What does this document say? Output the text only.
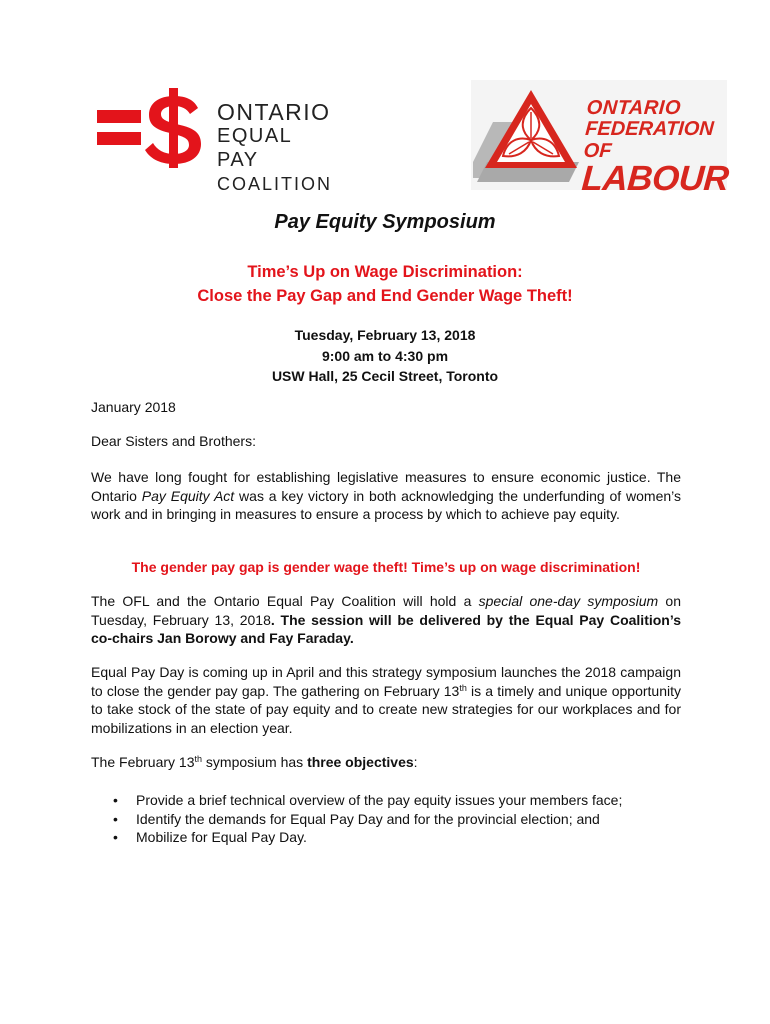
ONTARIO
EQUAL PAY
COALITION
ONTARIO
FEDERATION OF
LABOUR
Pay Equity Symposium
Time’s Up on Wage Discrimination:
Close the Pay Gap and End Gender Wage Theft!
Tuesday, February 13, 2018
9:00 am to 4:30 pm
USW Hall, 25 Cecil Street, Toronto
January 2018
Dear Sisters and Brothers:
We have long fought for establishing legislative measures to ensure economic justice. The Ontario Pay Equity Act was a key victory in both acknowledging the underfunding of women’s work and in bringing in measures to ensure a process by which to achieve pay equity.
The gender pay gap is gender wage theft! Time’s up on wage discrimination!
The OFL and the Ontario Equal Pay Coalition will hold a special one-day symposium on Tuesday, February 13, 2018. The session will be delivered by the Equal Pay Coalition’s co-chairs Jan Borowy and Fay Faraday.
Equal Pay Day is coming up in April and this strategy symposium launches the 2018 campaign to close the gender pay gap. The gathering on February 13th is a timely and unique opportunity to take stock of the state of pay equity and to create new strategies for our workplaces and for mobilizations in an election year.
The February 13th symposium has three objectives:
• Provide a brief technical overview of the pay equity issues your members face;
• Identify the demands for Equal Pay Day and for the provincial election; and
• Mobilize for Equal Pay Day.
